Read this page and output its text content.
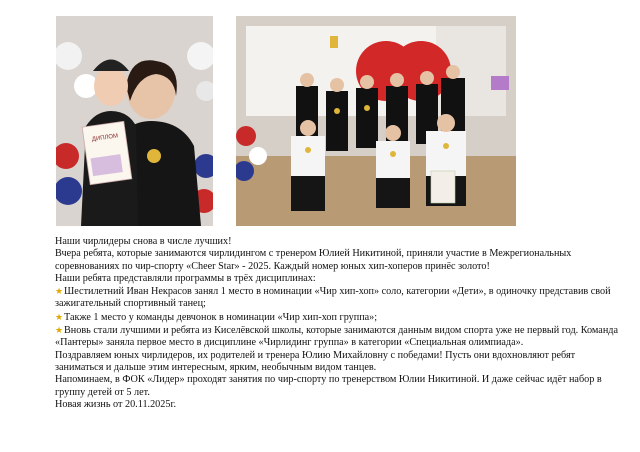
ДИПЛОМ

Наши чирлидеры снова в числе лучших!

Вчера ребята, которые занимаются чирлидингом с тренером Юлией Никитиной, приняли участие в Межрегиональных соревнованиях по чир-спорту «Cheer Star» - 2025. Каждый номер юных хип-хоперов принёс золото!

Наши ребята представляли программы в трёх дисциплинах:

★Шестилетний Иван Некрасов занял 1 место в номинации «Чир хип-хоп» соло, категории «Дети», в одиночку представив свой зажигательный спортивный танец;

★Также 1 место у команды девчонок в номинации «Чир хип-хоп группа»;

★Вновь стали лучшими и ребята из Киселёвской школы, которые занимаются данным видом спорта уже не первый год. Команда «Пантеры» заняла первое место в дисциплине «Чирлидинг группа» в категории «Специальная олимпиада».

Поздравляем юных чирлидеров, их родителей и тренера Юлию Михайловну с победами! Пусть они вдохновляют ребят заниматься и дальше этим интересным, ярким, необычным видом танцев.

Напоминаем, в ФОК «Лидер» проходят занятия по чир-спорту по тренерством Юлии Никитиной. И даже сейчас идёт набор в группу детей от 5 лет.

Новая жизнь от 20.11.2025г.
